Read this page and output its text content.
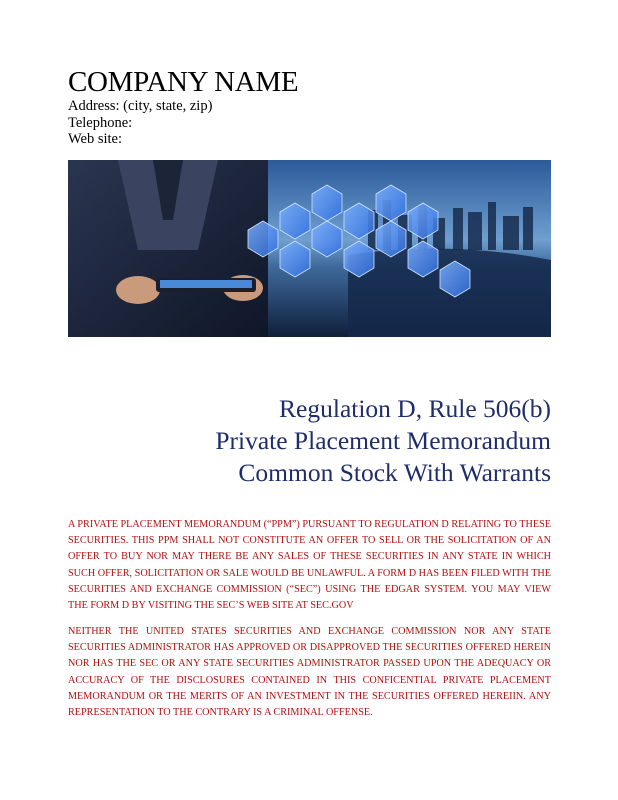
COMPANY NAME
Address: (city, state, zip)
Telephone:
Web site:
Regulation D, Rule 506(b)
Private Placement Memorandum
Common Stock With Warrants
A PRIVATE PLACEMENT MEMORANDUM (“PPM”) PURSUANT TO REGULATION D RELATING TO THESE SECURITIES. THIS PPM SHALL NOT CONSTITUTE AN OFFER TO SELL OR THE SOLICITATION OF AN OFFER TO BUY NOR MAY THERE BE ANY SALES OF THESE SECURITIES IN ANY STATE IN WHICH SUCH OFFER, SOLICITATION OR SALE WOULD BE UNLAWFUL. A FORM D HAS BEEN FILED WITH THE SECURITIES AND EXCHANGE COMMISSION (“SEC”) USING THE EDGAR SYSTEM. YOU MAY VIEW THE FORM D BY VISITING THE SEC’S WEB SITE AT SEC.GOV
NEITHER THE UNITED STATES SECURITIES AND EXCHANGE COMMISSION NOR ANY STATE SECURITIES ADMINISTRATOR HAS APPROVED OR DISAPPROVED THE SECURITIES OFFERED HEREIN NOR HAS THE SEC OR ANY STATE SECURITIES ADMINISTRATOR PASSED UPON THE ADEQUACY OR ACCURACY OF THE DISCLOSURES CONTAINED IN THIS CONFICENTIAL PRIVATE PLACEMENT MEMORANDUM OR THE MERITS OF AN INVESTMENT IN THE SECURITIES OFFERED HEREIIN. ANY REPRESENTATION TO THE CONTRARY IS A CRIMINAL OFFENSE.
